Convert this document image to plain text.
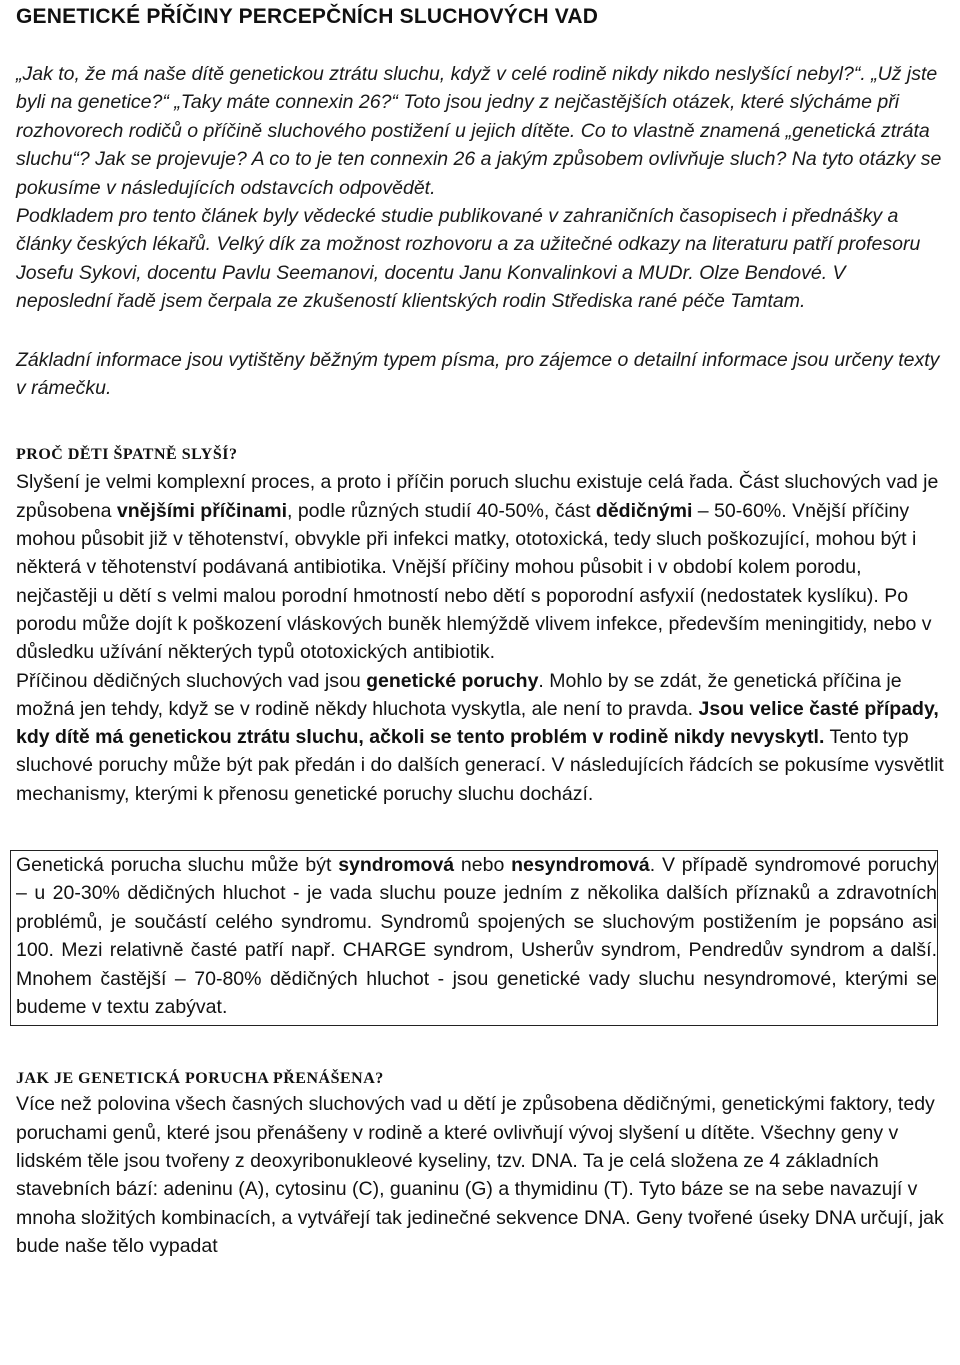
GENETICKÉ PŘÍČINY PERCEPČNÍCH SLUCHOVÝCH VAD

„Jak to, že má naše dítě genetickou ztrátu sluchu, když v celé rodině nikdy nikdo neslyšící nebyl?“. „Už jste byli na genetice?“ „Taky máte connexin 26?“ Toto jsou jedny z nejčastějších otázek, které slýcháme při rozhovorech rodičů o příčině sluchového postižení u jejich dítěte. Co to vlastně znamená „genetická ztráta sluchu“? Jak se projevuje? A co to je ten connexin 26 a jakým způsobem ovlivňuje sluch? Na tyto otázky se pokusíme v následujících odstavcích odpovědět.

Podkladem pro tento článek byly vědecké studie publikované v zahraničních časopisech i přednášky a články českých lékařů. Velký dík za možnost rozhovoru a za užitečné odkazy na literaturu patří profesoru Josefu Sykovi, docentu Pavlu Seemanovi, docentu Janu Konvalinkovi a MUDr. Olze Bendové. V neposlední řadě jsem čerpala ze zkušeností klientských rodin Střediska rané péče Tamtam.

Základní informace jsou vytištěny běžným typem písma, pro zájemce o detailní informace jsou určeny texty v rámečku.

PROČ DĚTI ŠPATNĚ SLYŠÍ?

Slyšení je velmi komplexní proces, a proto i příčin poruch sluchu existuje celá řada. Část sluchových vad je způsobena vnějšími příčinami, podle různých studií 40-50%, část dědičnými – 50-60%. Vnější příčiny mohou působit již v těhotenství, obvykle při infekci matky, ototoxická, tedy sluch poškozující, mohou být i některá v těhotenství podávaná antibiotika. Vnější příčiny mohou působit i v období kolem porodu, nejčastěji u dětí s velmi malou porodní hmotností nebo dětí s poporodní asfyxií (nedostatek kyslíku). Po porodu může dojít k poškození vláskových buněk hlemýždě vlivem infekce, především meningitidy, nebo v důsledku užívání některých typů ototoxických antibiotik.

Příčinou dědičných sluchových vad jsou genetické poruchy. Mohlo by se zdát, že genetická příčina je možná jen tehdy, když se v rodině někdy hluchota vyskytla, ale není to pravda. Jsou velice časté případy, kdy dítě má genetickou ztrátu sluchu, ačkoli se tento problém v rodině nikdy nevyskytl. Tento typ sluchové poruchy může být pak předán i do dalších generací. V následujících řádcích se pokusíme vysvětlit mechanismy, kterými k přenosu genetické poruchy sluchu dochází.

Genetická porucha sluchu může být syndromová nebo nesyndromová. V případě syndromové poruchy – u 20-30% dědičných hluchot - je vada sluchu pouze jedním z několika dalších příznaků a zdravotních problémů, je součástí celého syndromu. Syndromů spojených se sluchovým postižením je popsáno asi 100. Mezi relativně časté patří např. CHARGE syndrom, Usherův syndrom, Pendredův syndrom a další. Mnohem častější – 70-80% dědičných hluchot - jsou genetické vady sluchu nesyndromové, kterými se budeme v textu zabývat.

JAK JE GENETICKÁ PORUCHA PŘENÁŠENA?

Více než polovina všech časných sluchových vad u dětí je způsobena dědičnými, genetickými faktory, tedy poruchami genů, které jsou přenášeny v rodině a které ovlivňují vývoj slyšení u dítěte. Všechny geny v lidském těle jsou tvořeny z deoxyribonukleové kyseliny, tzv. DNA. Ta je celá složena ze 4 základních stavebních bází: adeninu (A), cytosinu (C), guaninu (G) a thymidinu (T). Tyto báze se na sebe navazují v mnoha složitých kombinacích, a vytvářejí tak jedinečné sekvence DNA. Geny tvořené úseky DNA určují, jak bude naše tělo vypadat
